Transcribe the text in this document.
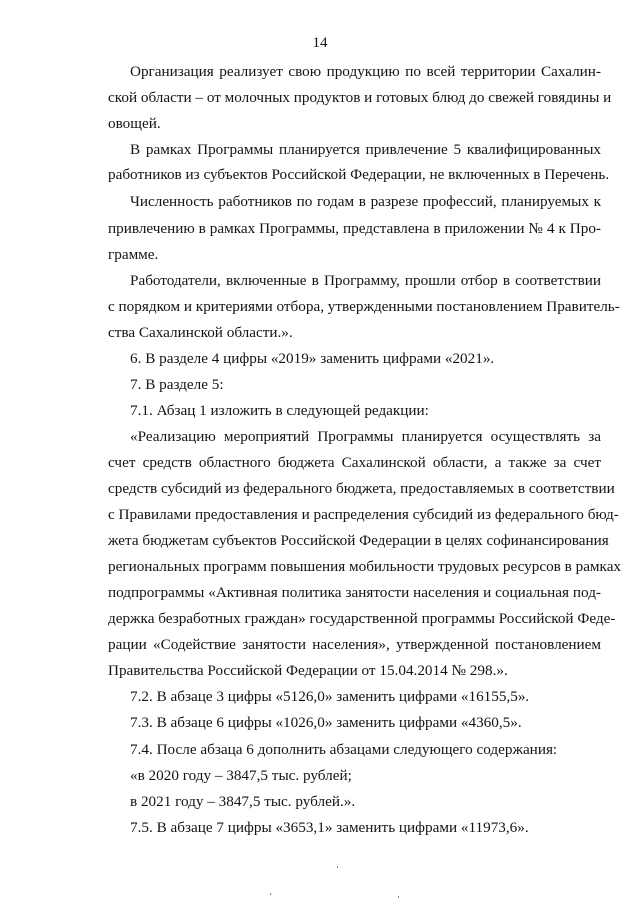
14
Организация реализует свою продукцию по всей территории Сахалин-
ской области – от молочных продуктов и готовых блюд до свежей говядины и
овощей.
В рамках Программы планируется привлечение 5 квалифицированных
работников из субъектов Российской Федерации, не включенных в Перечень.
Численность работников по годам в разрезе профессий, планируемых к
привлечению в рамках Программы, представлена в приложении № 4 к Про-
грамме.
Работодатели, включенные в Программу, прошли отбор в соответствии
с порядком и критериями отбора, утвержденными постановлением Правитель-
ства Сахалинской области.».
6. В разделе 4 цифры «2019» заменить цифрами «2021».
7. В разделе 5:
7.1. Абзац 1 изложить в следующей редакции:
«Реализацию мероприятий Программы планируется осуществлять за
счет средств областного бюджета Сахалинской области, а также за счет
средств субсидий из федерального бюджета, предоставляемых в соответствии
с Правилами предоставления и распределения субсидий из федерального бюд-
жета бюджетам субъектов Российской Федерации в целях софинансирования
региональных программ повышения мобильности трудовых ресурсов в рамках
подпрограммы «Активная политика занятости населения и социальная под-
держка безработных граждан» государственной программы Российской Феде-
рации «Содействие занятости населения», утвержденной постановлением
Правительства Российской Федерации от 15.04.2014 № 298.».
7.2. В абзаце 3 цифры «5126,0» заменить цифрами «16155,5».
7.3. В абзаце 6 цифры «1026,0» заменить цифрами «4360,5».
7.4. После абзаца 6 дополнить абзацами следующего содержания:
«в 2020 году – 3847,5 тыс. рублей;
в 2021 году – 3847,5 тыс. рублей.».
7.5. В абзаце 7 цифры «3653,1» заменить цифрами «11973,6».
